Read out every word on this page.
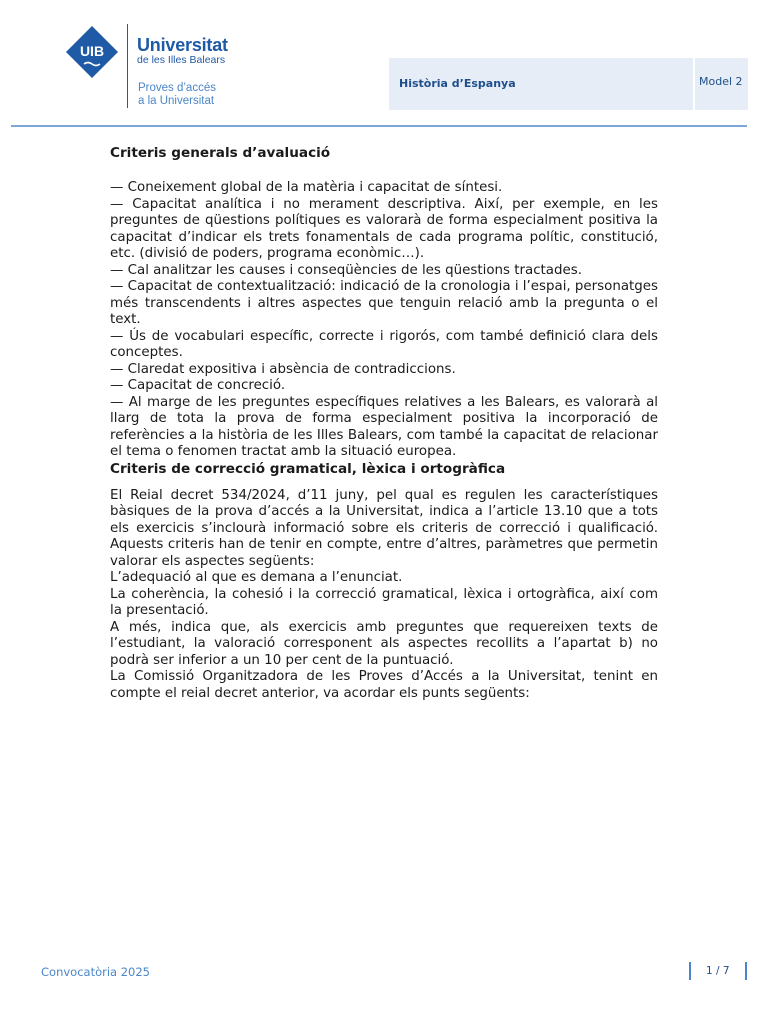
UIB Universitat
de les Illes Balears
Proves d’accés
a la Universitat
Història d’Espanya	Model 2
Criteris generals d’avaluació

— Coneixement global de la matèria i capacitat de síntesi.

— Capacitat analítica i no merament descriptiva. Així, per exemple, en les preguntes de qüestions polítiques es valorarà de forma especialment positiva la capacitat d’indicar els trets fonamentals de cada programa polític, constitució, etc. (divisió de poders, programa econòmic…).

— Cal analitzar les causes i conseqüències de les qüestions tractades.

— Capacitat de contextualització: indicació de la cronologia i l’espai, personatges més transcendents i altres aspectes que tenguin relació amb la pregunta o el text.

— Ús de vocabulari específic, correcte i rigorós, com també definició clara dels conceptes.

— Claredat expositiva i absència de contradiccions.

— Capacitat de concreció.

— Al marge de les preguntes específiques relatives a les Balears, es valorarà al llarg de tota la prova de forma especialment positiva la incorporació de referències a la història de les Illes Balears, com també la capacitat de relacionar el tema o fenomen tractat amb la situació europea.

Criteris de correcció gramatical, lèxica i ortogràfica

El Reial decret 534/2024, d’11 juny, pel qual es regulen les característiques bàsiques de la prova d’accés a la Universitat, indica a l’article 13.10 que a tots els exercicis s’inclourà informació sobre els criteris de correcció i qualificació. Aquests criteris han de tenir en compte, entre d’altres, paràmetres que permetin valorar els aspectes següents:

L’adequació al que es demana a l’enunciat.

La coherència, la cohesió i la correcció gramatical, lèxica i ortogràfica, així com la presentació.

A més, indica que, als exercicis amb preguntes que requereixen texts de l’estudiant, la valoració corresponent als aspectes recollits a l’apartat b) no podrà ser inferior a un 10 per cent de la puntuació.

La Comissió Organitzadora de les Proves d’Accés a la Universitat, tenint en compte el reial decret anterior, va acordar els punts següents:

Convocatòria 2025	1 / 7
